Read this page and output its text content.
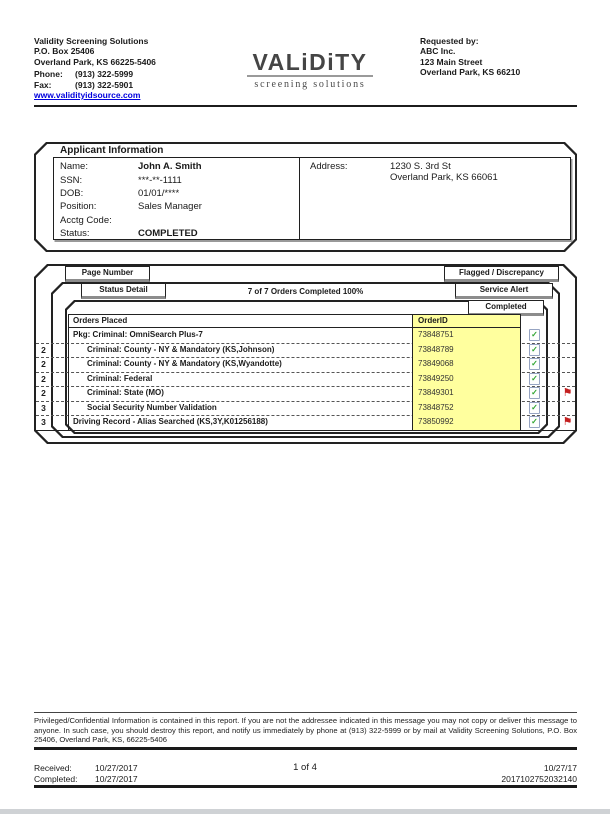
Validity Screening Solutions
P.O. Box 25406
Overland Park, KS 66225-5406
Phone: (913) 322-5999
Fax:	(913) 322-5901
www.validityidsource.com
VALiDiTY
screening solutions
Requested by:
ABC Inc.
123 Main Street
Overland Park, KS 66210
Applicant Information
Name:	John A. Smith
SSN:	***-**-1111
DOB:	01/01/****
Position:	Sales Manager
Acctg Code:
Status:	COMPLETED
Address:	1230 S. 3rd St
Overland Park, KS 66061
Page Number	Flagged / Discrepancy
Status Detail	Service Alert
Completed
7 of 7 Orders Completed 100%
Orders Placed	OrderID
Pkg: Criminal: OmniSearch Plus-7	73848751	✓
2	Criminal: County - NY & Mandatory (KS,Johnson)	73848789	✓
2	Criminal: County - NY & Mandatory (KS,Wyandotte)	73849068	✓
2	Criminal: Federal	73849250	✓
2	Criminal: State (MO)	73849301	✓ ⚑
3	Social Security Number Validation	73848752	✓
3	Driving Record - Alias Searched (KS,3Y,K01256188)	73850992	✓ ⚑
Privileged/Confidential Information is contained in this report. If you are not the addressee indicated in this message you may not copy or deliver this message to anyone. In such case, you should destroy this report, and notify us immediately by phone at (913) 322-5999 or by mail at Validity Screening Solutions, P.O. Box 25406, Overland Park, KS, 66225-5406
Received:	10/27/2017
Completed: 10/27/2017
1 of 4	10/27/17
2017102752032140
